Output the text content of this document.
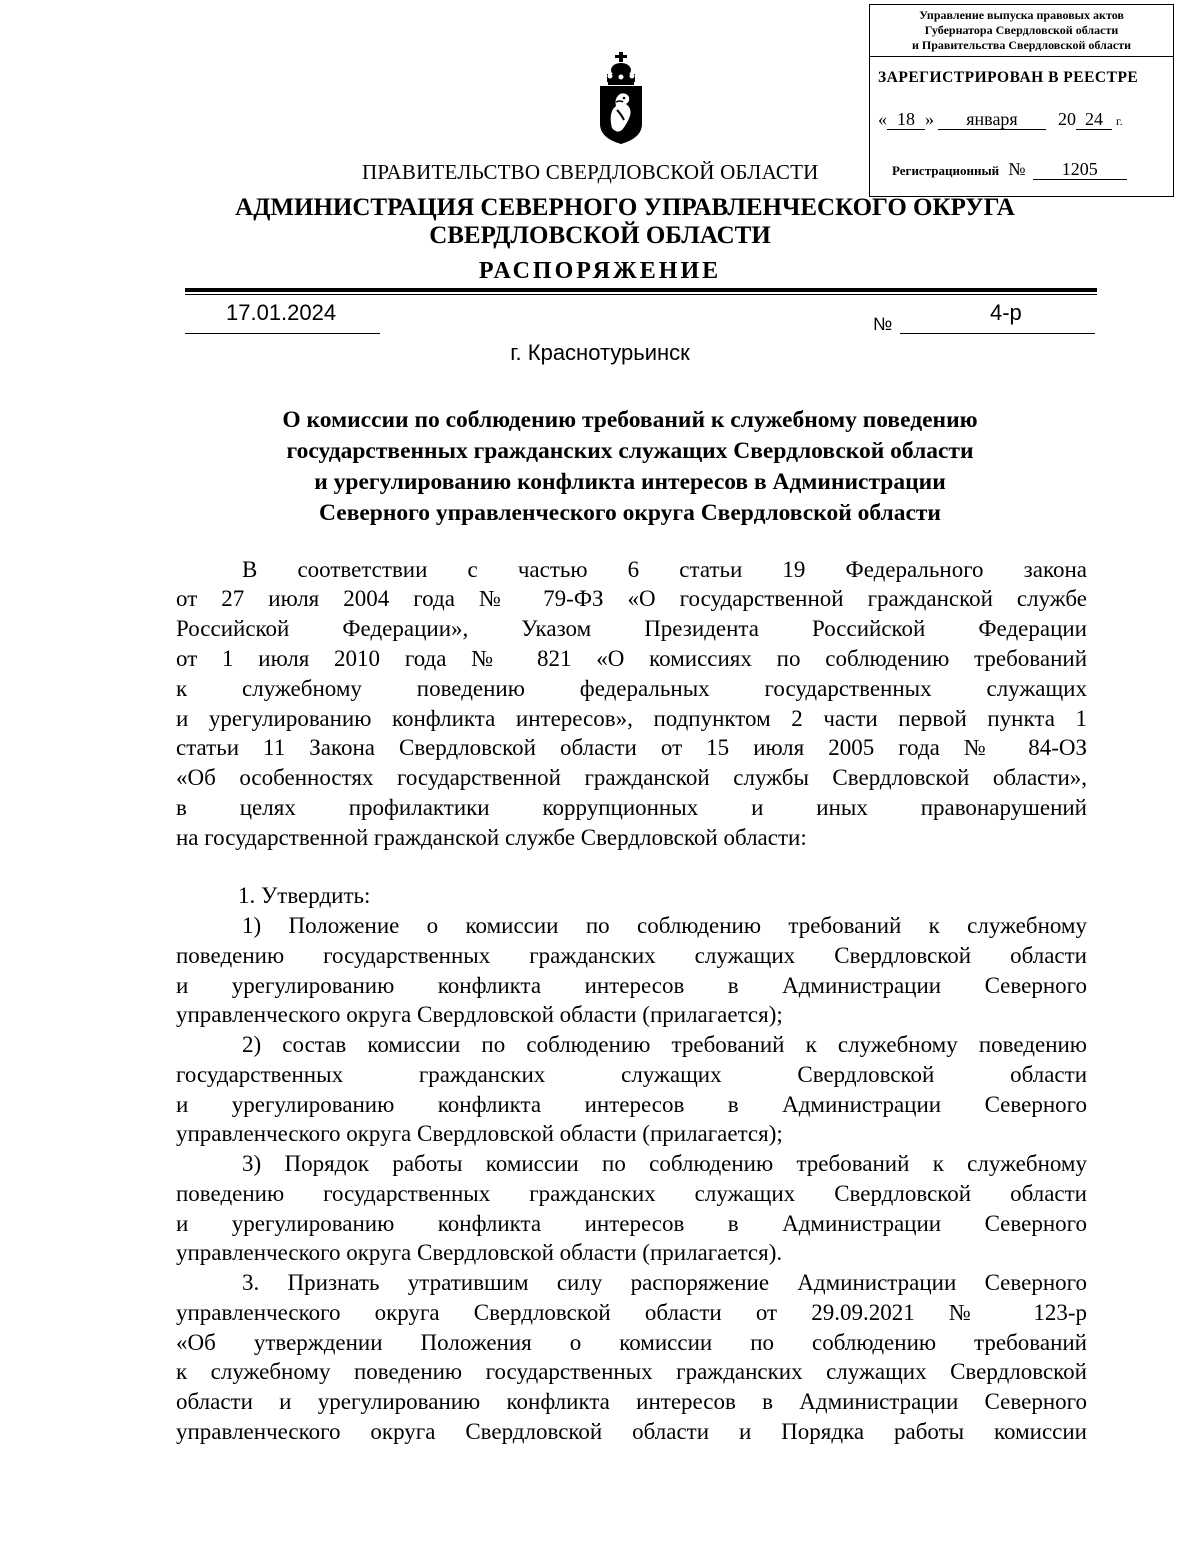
Управление выпуска правовых актов
Губернатора Свердловской области
и Правительства Свердловской области
ЗАРЕГИСТРИРОВАН В РЕЕСТРЕ
« 18 » января 20 24 г.
Регистрационный № 1205
ПРАВИТЕЛЬСТВО СВЕРДЛОВСКОЙ ОБЛАСТИ
АДМИНИСТРАЦИЯ СЕВЕРНОГО УПРАВЛЕНЧЕСКОГО ОКРУГА
СВЕРДЛОВСКОЙ ОБЛАСТИ
РАСПОРЯЖЕНИЕ
17.01.2024	№	4-р
г. Краснотурьинск
О комиссии по соблюдению требований к служебному поведению
государственных гражданских служащих Свердловской области
и урегулированию конфликта интересов в Администрации
Северного управленческого округа Свердловской области
В соответствии с частью 6 статьи 19 Федерального закона
от 27 июля 2004 года № 79-ФЗ «О государственной гражданской службе
Российской Федерации», Указом Президента Российской Федерации
от 1 июля 2010 года № 821 «О комиссиях по соблюдению требований
к служебному поведению федеральных государственных служащих
и урегулированию конфликта интересов», подпунктом 2 части первой пункта 1
статьи 11 Закона Свердловской области от 15 июля 2005 года № 84-ОЗ
«Об особенностях государственной гражданской службы Свердловской области»,
в целях профилактики коррупционных и иных правонарушений
на государственной гражданской службе Свердловской области:
1. Утвердить:
1) Положение о комиссии по соблюдению требований к служебному
поведению государственных гражданских служащих Свердловской области
и урегулированию конфликта интересов в Администрации Северного
управленческого округа Свердловской области (прилагается);
2) состав комиссии по соблюдению требований к служебному поведению
государственных гражданских служащих Свердловской области
и урегулированию конфликта интересов в Администрации Северного
управленческого округа Свердловской области (прилагается);
3) Порядок работы комиссии по соблюдению требований к служебному
поведению государственных гражданских служащих Свердловской области
и урегулированию конфликта интересов в Администрации Северного
управленческого округа Свердловской области (прилагается).
3. Признать утратившим силу распоряжение Администрации Северного
управленческого округа Свердловской области от 29.09.2021 № 123-р
«Об утверждении Положения о комиссии по соблюдению требований
к служебному поведению государственных гражданских служащих Свердловской
области и урегулированию конфликта интересов в Администрации Северного
управленческого округа Свердловской области и Порядка работы комиссии
